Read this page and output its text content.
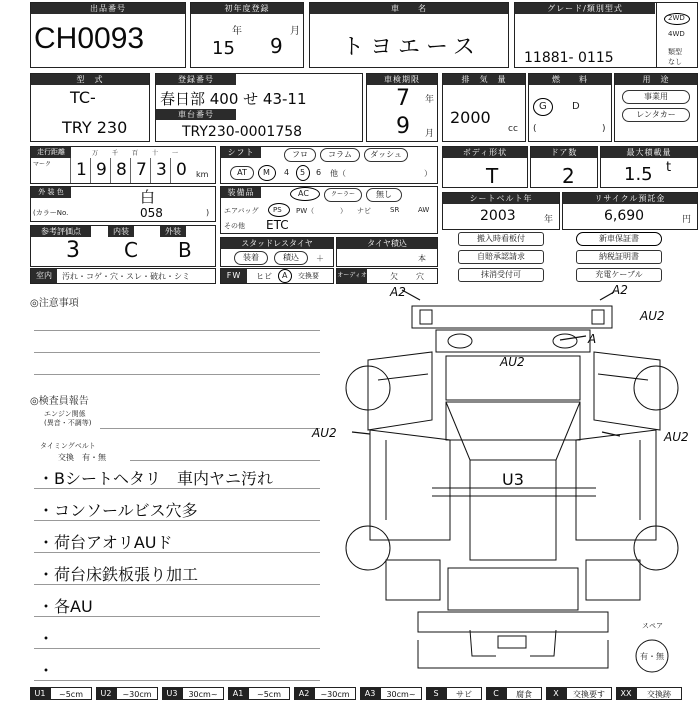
出品番号
CH0093
初年度登録
年	月
15 9
車　　名
トヨエース
グレード/類別型式
11881- 0115
2WD
4WD
類型
なし
型　式
TC-
TRY 230
登録番号
春日部 400 せ 43-11
車台番号
TRY230-0001758
車検期限
7 年
9 月
排　気　量
2000
cc
燃　　料
G	D
(	)
用　途
事業用
レンタカー
走行距離
マーク
万 千 百 十 一
1 9 8 7 3 0 km
シフト	フロ	コラム	ダッシュ
AT	M 4 5 6 他（	）
ボディ形状
T
ドア数
2
最大積載量
1.5 t
外 装 色	白
(カラーNo.	058	)
装備品	AC	クーラー	無し
エアバッグ PS PW（	） ナビ	SR	AW
その他 ETC
シートベルト年
2003	年
リサイクル預託金
6,690	円
参考評価点	内装	外装
3 C B	スタッドレスタイヤ
装着	積込	＋
タイヤ積込
本
搬入時看板付	新車保証書
自賠承認請求	納税証明書
抹消受付可	充電ケーブル
室内	汚れ・コゲ・穴・スレ・破れ・シミ	FW	ヒビ A 交換要	オーディオ	欠 穴
◎注意事項
◎検査員報告
エンジン関係
(異音・不調等)
タイミングベルト
交換　有・無
・Bシートヘタリ　車内ヤニ汚れ
・コンソールビス穴多
・荷台アオリAUド
・荷台床鉄板張り加工
・各AU
・
・
A2	A2
AU2
AU2
A
AU2	AU2
U3
スペア
有・無
U1	~5cm	U2	~30cm	U3	30cm~	A1	~5cm	A2	~30cm	A3	30cm~	S	サビ	C	腐食	X	交換要す	XX	交換跡
